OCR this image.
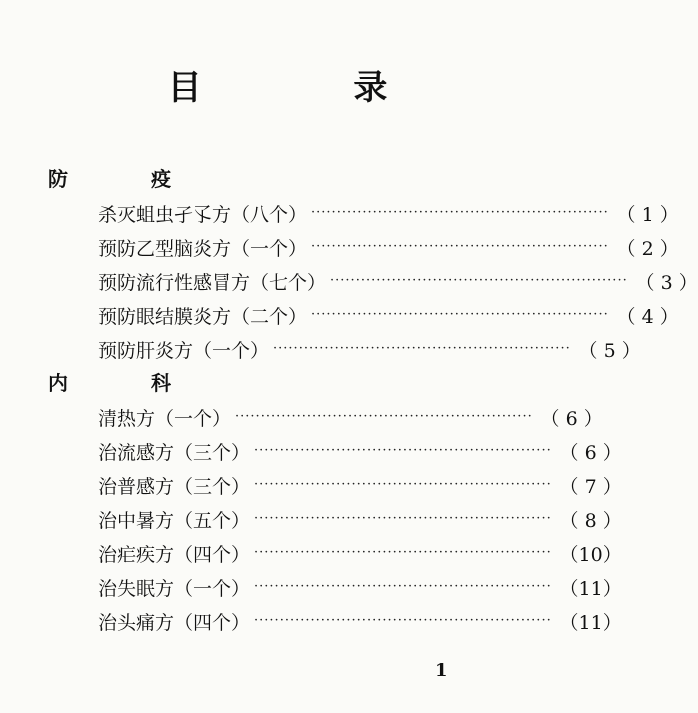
目 录
防 疫
杀灭蛆虫孑孓方 （八个） ·························································· （ 1 ）
预防乙型脑炎方 （一个） ·························································· （ 2 ）
预防流行性感冒方 （七个） ·························································· （ 3 ）
预防眼结膜炎方 （二个） ·························································· （ 4 ）
预防肝炎方 （一个） ·························································· （ 5 ）
内 科
清热方 （一个） ·························································· （ 6 ）
治流感方 （三个） ·························································· （ 6 ）
治普感方 （三个） ·························································· （ 7 ）
治中暑方 （五个） ·························································· （ 8 ）
治疟疾方 （四个） ·························································· （10）
治失眠方 （一个） ·························································· （11）
治头痛方 （四个） ·························································· （11）
1
